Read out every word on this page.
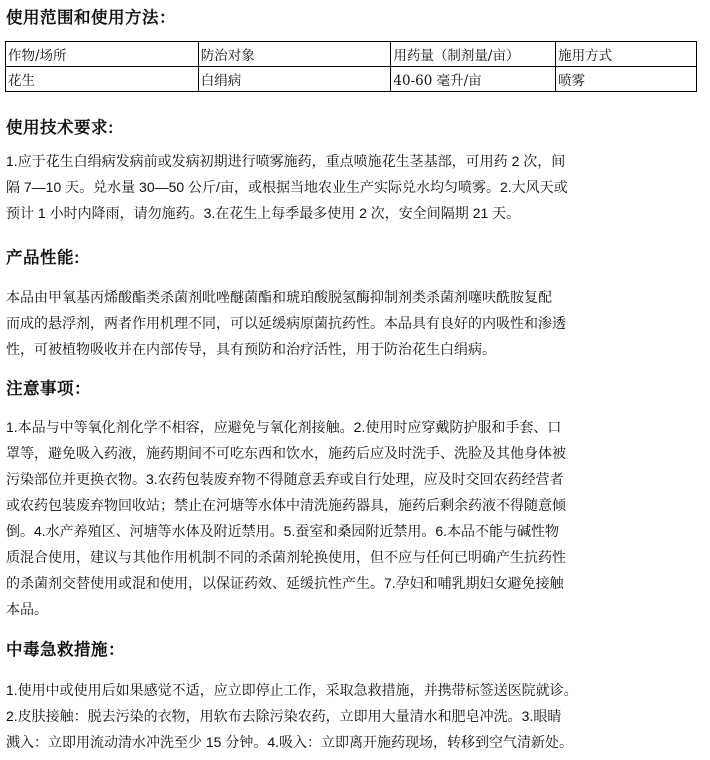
使用范围和使用方法：
作物/场所	防治对象	用药量（制剂量/亩）	施用方式
花生	白绢病	40-60 毫升/亩	喷雾
使用技术要求:
1.应于花生白绢病发病前或发病初期进行喷雾施药，重点喷施花生茎基部，可用药 2 次，间
隔 7—10 天。兑水量 30—50 公斤/亩，或根据当地农业生产实际兑水均匀喷雾。2.大风天或
预计 1 小时内降雨，请勿施药。3.在花生上每季最多使用 2 次，安全间隔期 21 天。
产品性能:
本品由甲氧基丙烯酸酯类杀菌剂吡唑醚菌酯和琥珀酸脱氢酶抑制剂类杀菌剂噻呋酰胺复配
而成的悬浮剂，两者作用机理不同，可以延缓病原菌抗药性。本品具有良好的内吸性和渗透
性，可被植物吸收并在内部传导，具有预防和治疗活性，用于防治花生白绢病。
注意事项：
1.本品与中等氧化剂化学不相容，应避免与氧化剂接触。2.使用时应穿戴防护服和手套、口
罩等，避免吸入药液，施药期间不可吃东西和饮水，施药后应及时洗手、洗脸及其他身体被
污染部位并更换衣物。3.农药包装废弃物不得随意丢弃或自行处理，应及时交回农药经营者
或农药包装废弃物回收站；禁止在河塘等水体中清洗施药器具，施药后剩余药液不得随意倾
倒。4.水产养殖区、河塘等水体及附近禁用。5.蚕室和桑园附近禁用。6.本品不能与碱性物
质混合使用，建议与其他作用机制不同的杀菌剂轮换使用，但不应与任何已明确产生抗药性
的杀菌剂交替使用或混和使用，以保证药效、延缓抗性产生。7.孕妇和哺乳期妇女避免接触
本品。
中毒急救措施：
1.使用中或使用后如果感觉不适，应立即停止工作，采取急救措施，并携带标签送医院就诊。
2.皮肤接触：脱去污染的衣物，用软布去除污染农药，立即用大量清水和肥皂冲洗。3.眼睛
溅入：立即用流动清水冲洗至少 15 分钟。4.吸入：立即离开施药现场，转移到空气清新处。
